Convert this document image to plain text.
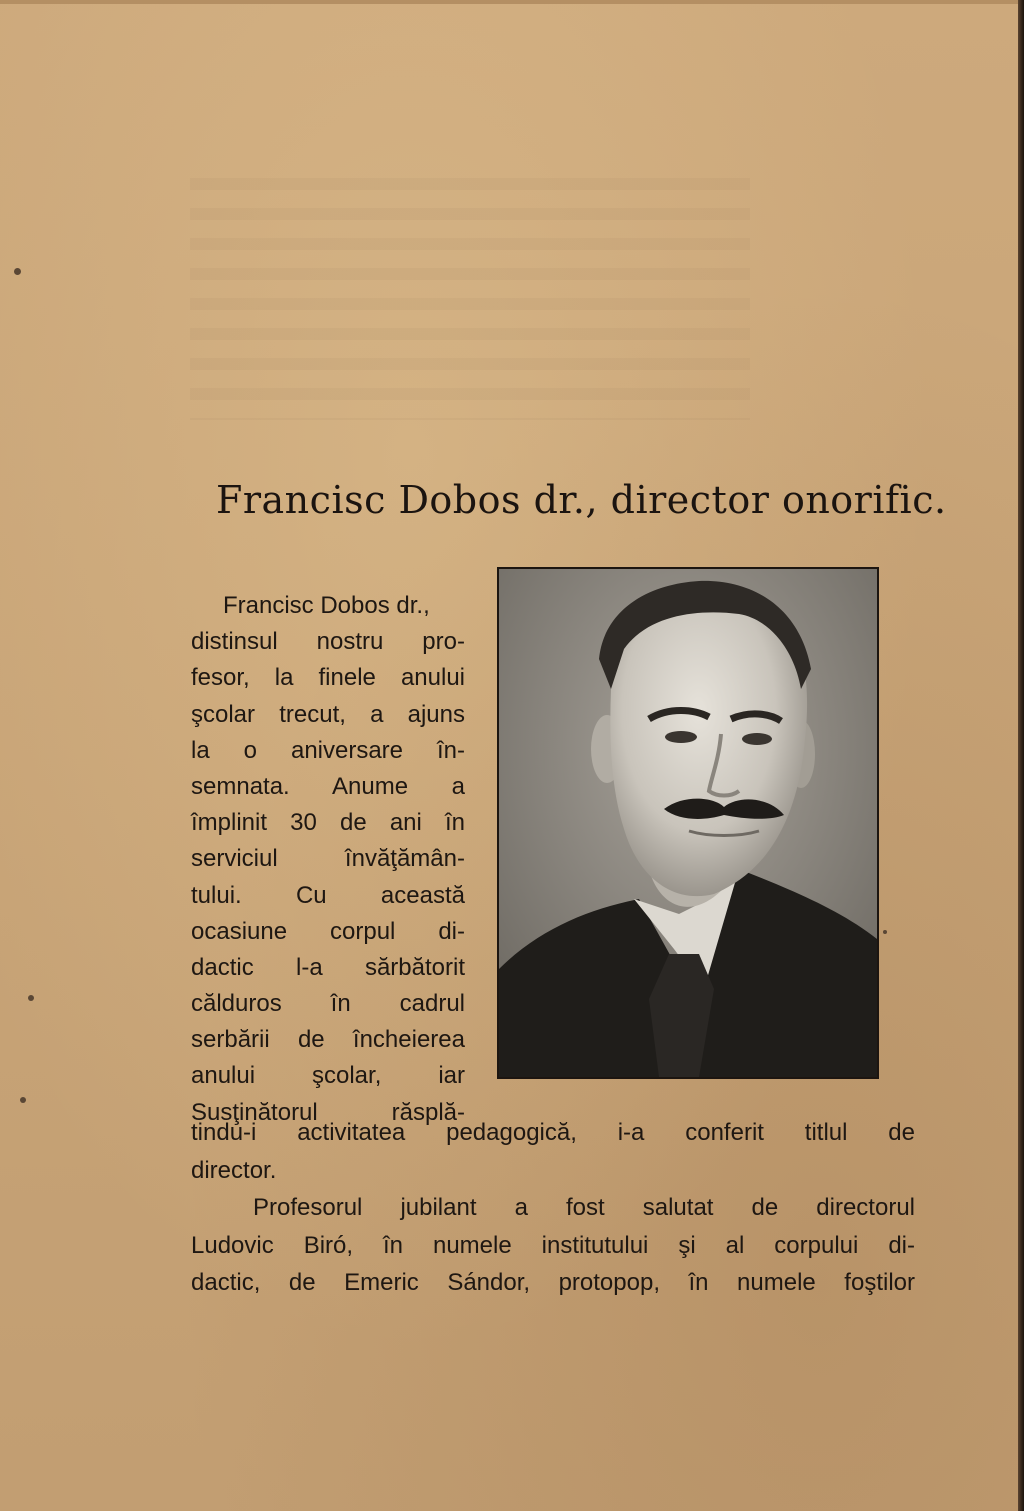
Francisc Dobos dr., director onorific.
Francisc Dobos dr.,
distinsul nostru pro-
fesor, la finele anului
şcolar trecut, a ajuns
la o aniversare în-
semnata. Anume a
împlinit 30 de ani în
serviciul învăţămân-
tului. Cu această
ocasiune corpul di-
dactic l-a sărbătorit
călduros în cadrul
serbării de încheierea
anului şcolar, iar
Susţinătorul răsplă-
tindu-i activitatea pedagogică, i-a conferit titlul de
director.
Profesorul jubilant a fost salutat de directorul
Ludovic Biró, în numele institutului şi al corpului di-
dactic, de Emeric Sándor, protopop, în numele foştilor
